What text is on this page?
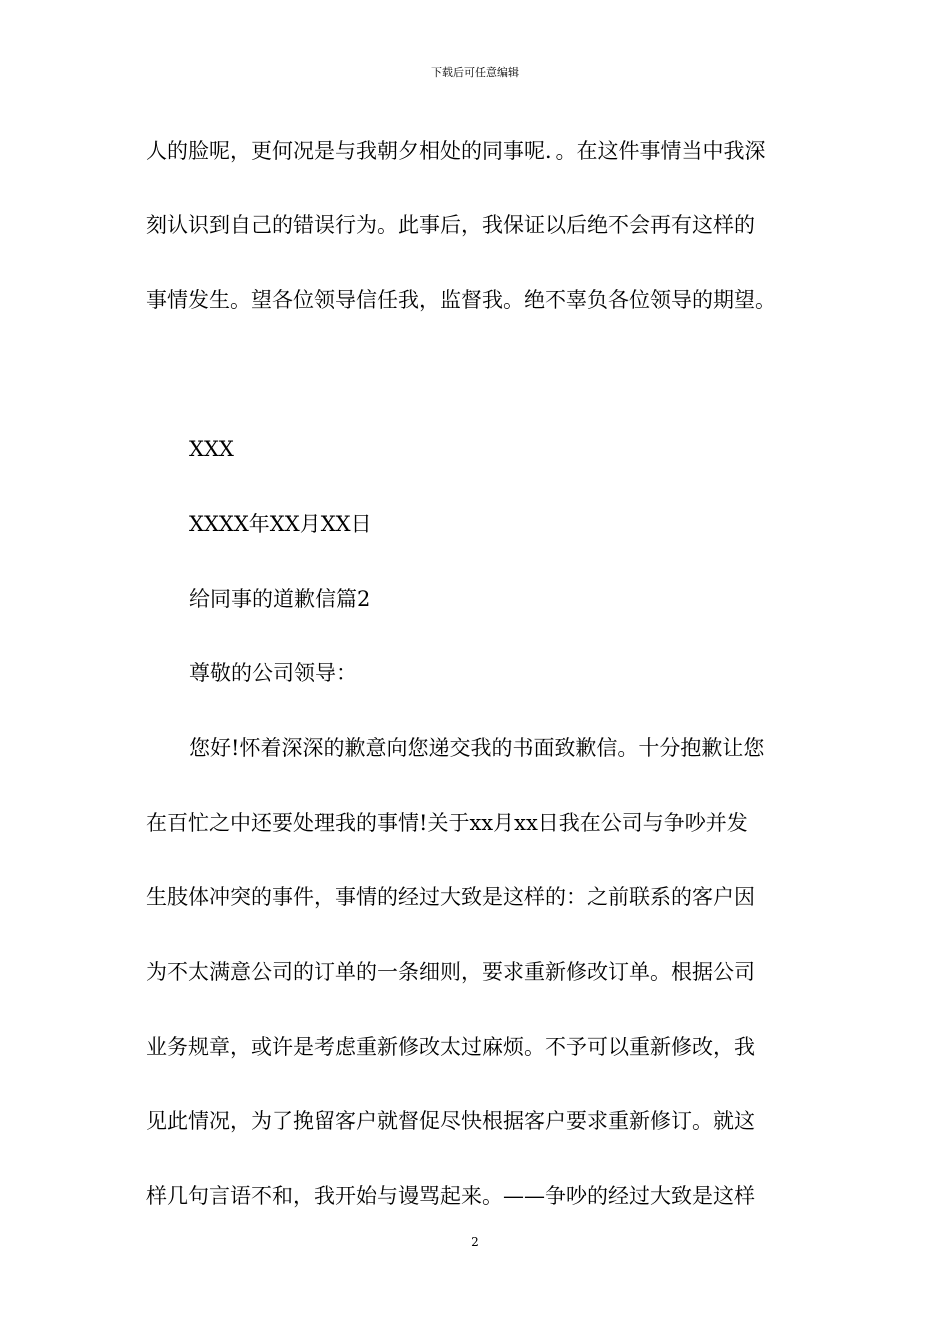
下载后可任意编辑
人的脸呢，更何况是与我朝夕相处的同事呢．。在这件事情当中我深
刻认识到自己的错误行为。此事后，我保证以后绝不会再有这样的
事情发生。望各位领导信任我，监督我。绝不辜负各位领导的期望。
XXX
XXXX年XX月XX日
给同事的道歉信篇2
尊敬的公司领导：
您好!怀着深深的歉意向您递交我的书面致歉信。十分抱歉让您
在百忙之中还要处理我的事情!关于xx月xx日我在公司与争吵并发
生肢体冲突的事件，事情的经过大致是这样的：之前联系的客户因
为不太满意公司的订单的一条细则，要求重新修改订单。根据公司
业务规章，或许是考虑重新修改太过麻烦。不予可以重新修改，我
见此情况，为了挽留客户就督促尽快根据客户要求重新修订。就这
样几句言语不和，我开始与谩骂起来。——争吵的经过大致是这样
2
